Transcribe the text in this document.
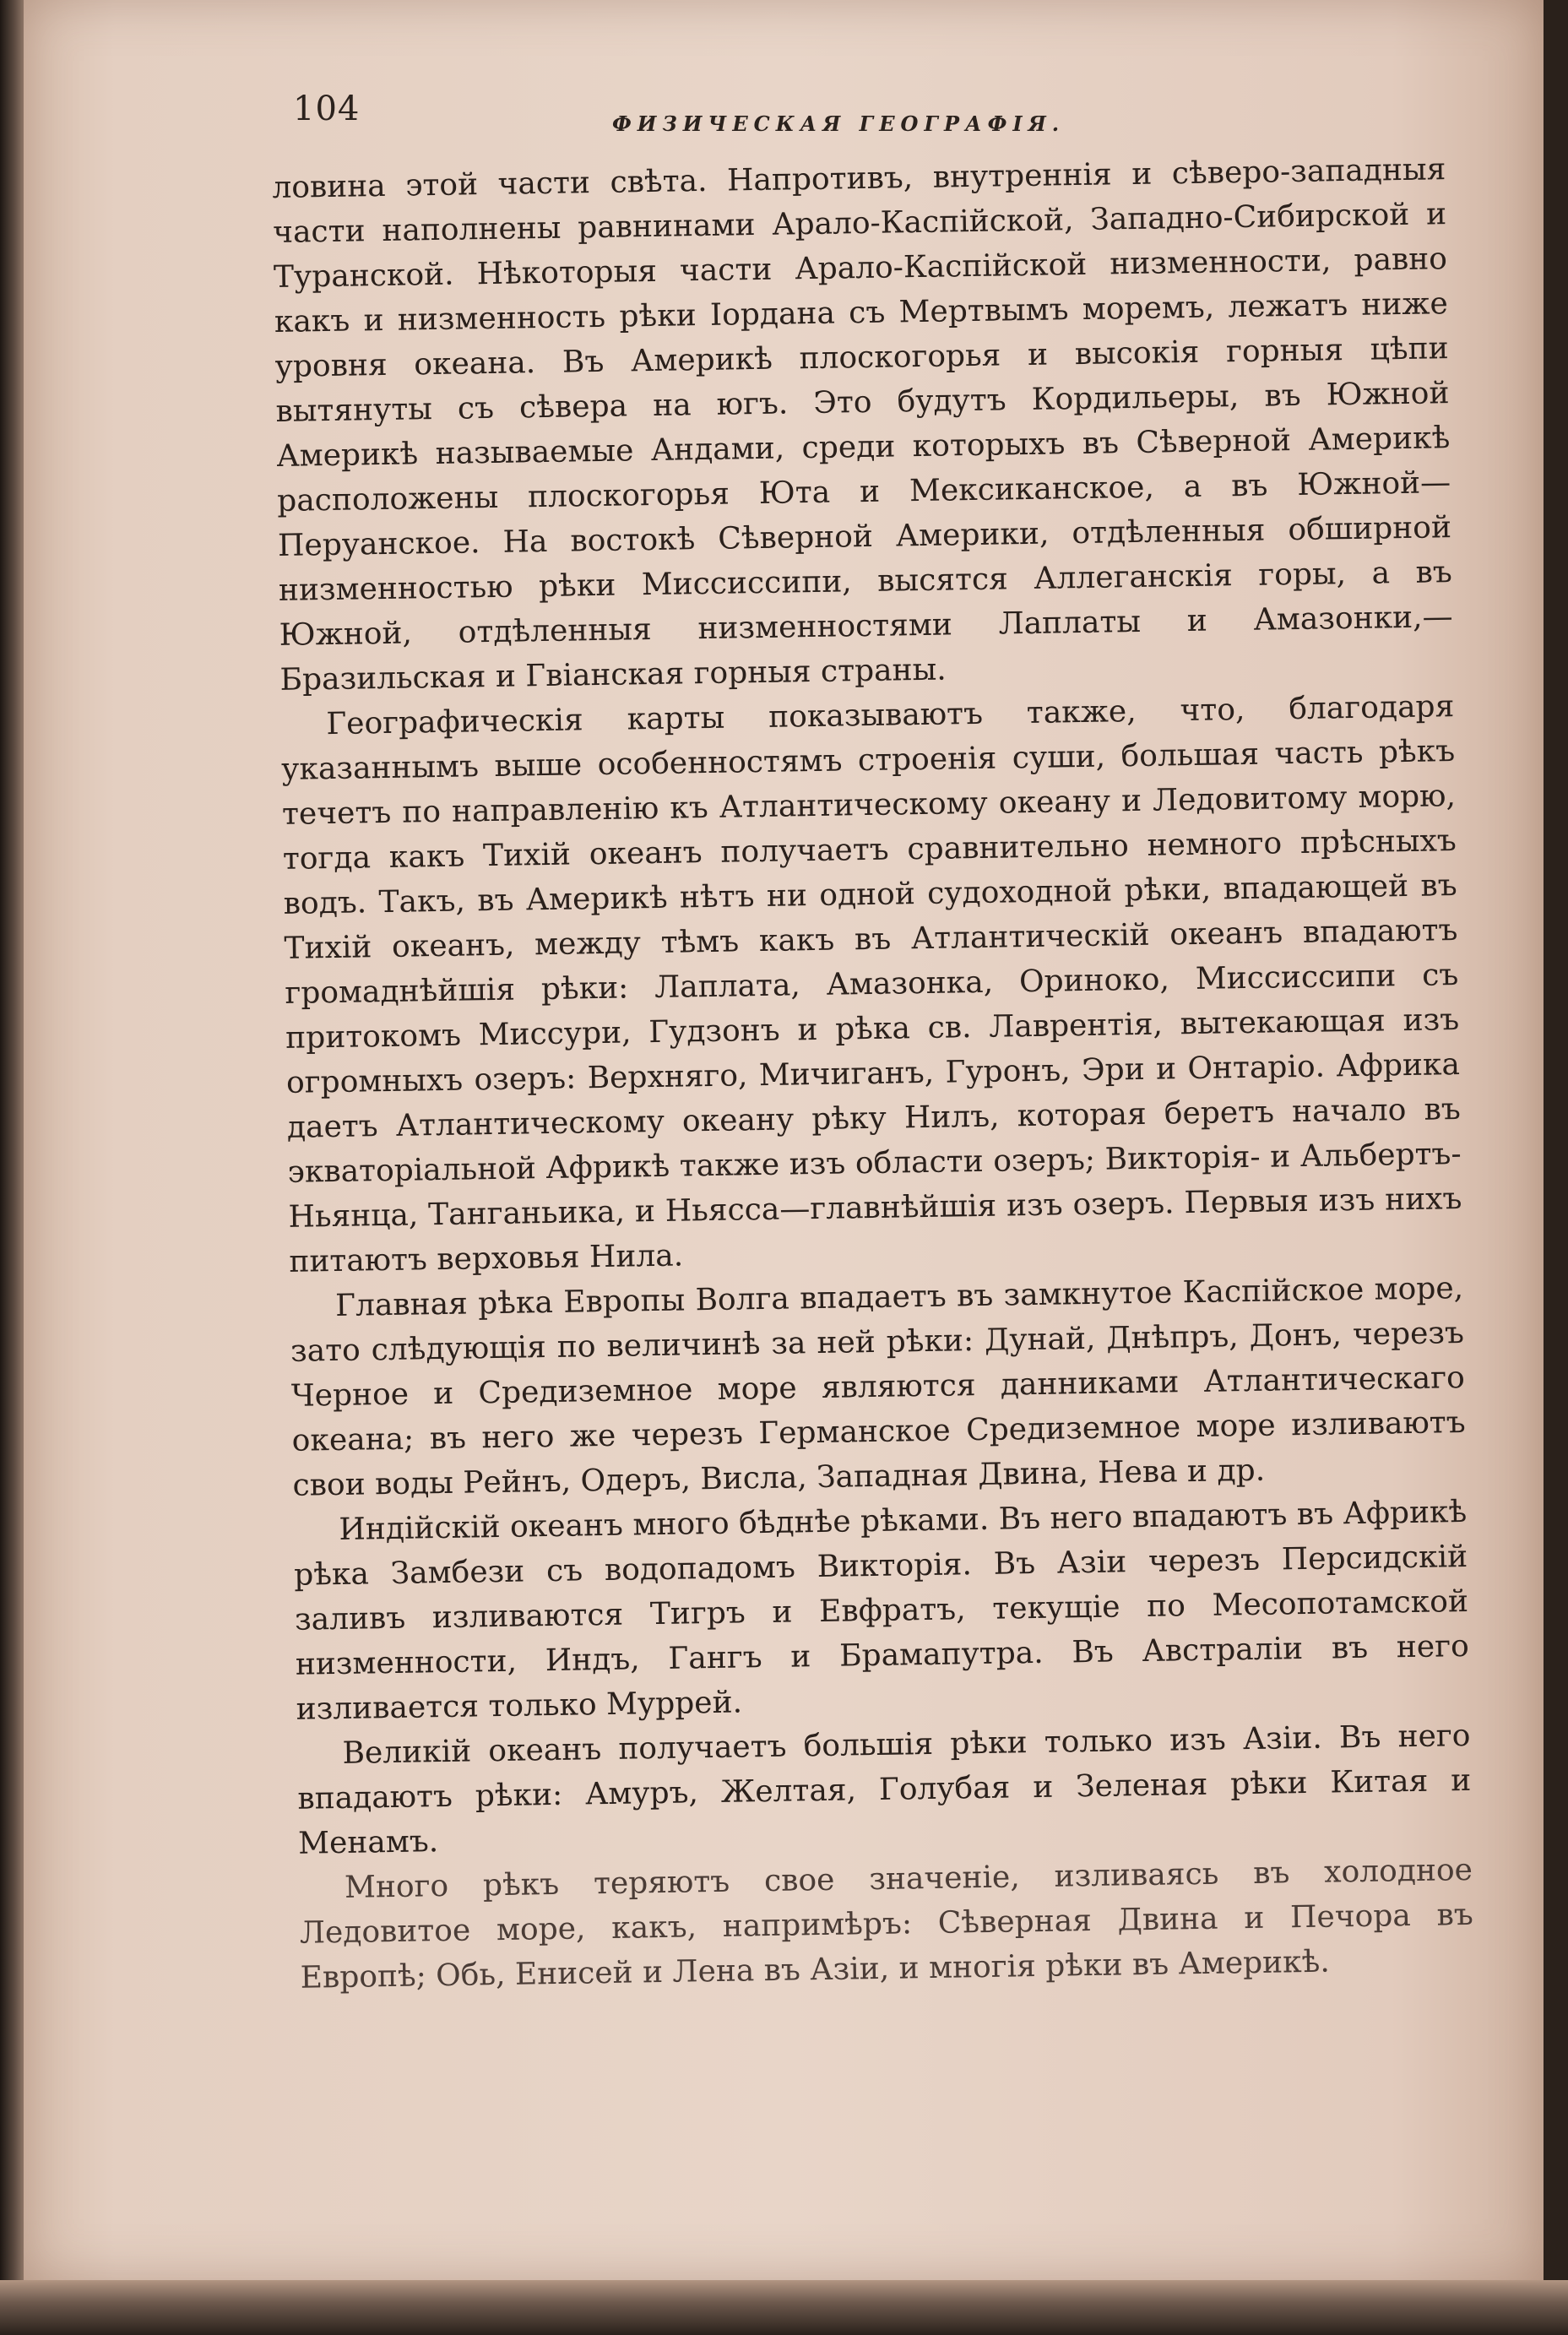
104	ФИЗИЧЕСКАЯ ГЕОГРАФІЯ.

ловина этой части свѣта. Напротивъ, внутреннія и сѣверо-западныя части наполнены равнинами Арало-Каспійской, Западно-Сибирской и Туранской. Нѣкоторыя части Арало-Каспійской низменности, равно какъ и низменность рѣки Іордана съ Мертвымъ моремъ, лежатъ ниже уровня океана. Въ Америкѣ плоскогорья и высокія горныя цѣпи вытянуты съ сѣвера на югъ. Это будутъ Кордильеры, въ Южной Америкѣ называемые Андами, среди которыхъ въ Сѣверной Америкѣ расположены плоскогорья Юта и Мексиканское, а въ Южной—Перуанское. На востокѣ Сѣверной Америки, отдѣленныя обширной низменностью рѣки Миссиссипи, высятся Аллеганскія горы, а въ Южной, отдѣленныя низменностями Лаплаты и Амазонки,—Бразильская и Гвіанская горныя страны.

Географическія карты показываютъ также, что, благодаря указаннымъ выше особенностямъ строенія суши, большая часть рѣкъ течетъ по направленію къ Атлантическому океану и Ледовитому морю, тогда какъ Тихій океанъ получаетъ сравнительно немного прѣсныхъ водъ. Такъ, въ Америкѣ нѣтъ ни одной судоходной рѣки, впадающей въ Тихій океанъ, между тѣмъ какъ въ Атлантическій океанъ впадаютъ громаднѣйшія рѣки: Лаплата, Амазонка, Ориноко, Миссиссипи съ притокомъ Миссури, Гудзонъ и рѣка св. Лаврентія, вытекающая изъ огромныхъ озеръ: Верхняго, Мичиганъ, Гуронъ, Эри и Онтаріо. Африка даетъ Атлантическому океану рѣку Нилъ, которая беретъ начало въ экваторіальной Африкѣ также изъ области озеръ; Викторія- и Альбертъ-Ньянца, Танганьика, и Ньясса—главнѣйшія изъ озеръ. Первыя изъ нихъ питаютъ верховья Нила.

Главная рѣка Европы Волга впадаетъ въ замкнутое Каспійское море, зато слѣдующія по величинѣ за ней рѣки: Дунай, Днѣпръ, Донъ, черезъ Черное и Средиземное море являются данниками Атлантическаго океана; въ него же черезъ Германское Средиземное море изливаютъ свои воды Рейнъ, Одеръ, Висла, Западная Двина, Нева и др.

Индійскій океанъ много бѣднѣе рѣками. Въ него впадаютъ въ Африкѣ рѣка Замбези съ водопадомъ Викторія. Въ Азіи черезъ Персидскій заливъ изливаются Тигръ и Евфратъ, текущіе по Месопотамской низменности, Индъ, Гангъ и Брамапутра. Въ Австраліи въ него изливается только Муррей.

Великій океанъ получаетъ большія рѣки только изъ Азіи. Въ него впадаютъ рѣки: Амуръ, Желтая, Голубая и Зеленая рѣки Китая и Менамъ.

Много рѣкъ теряютъ свое значеніе, изливаясь въ холодное Ледовитое море, какъ, напримѣръ: Сѣверная Двина и Печора въ Европѣ; Обь, Енисей и Лена въ Азіи, и многія рѣки въ Америкѣ.
